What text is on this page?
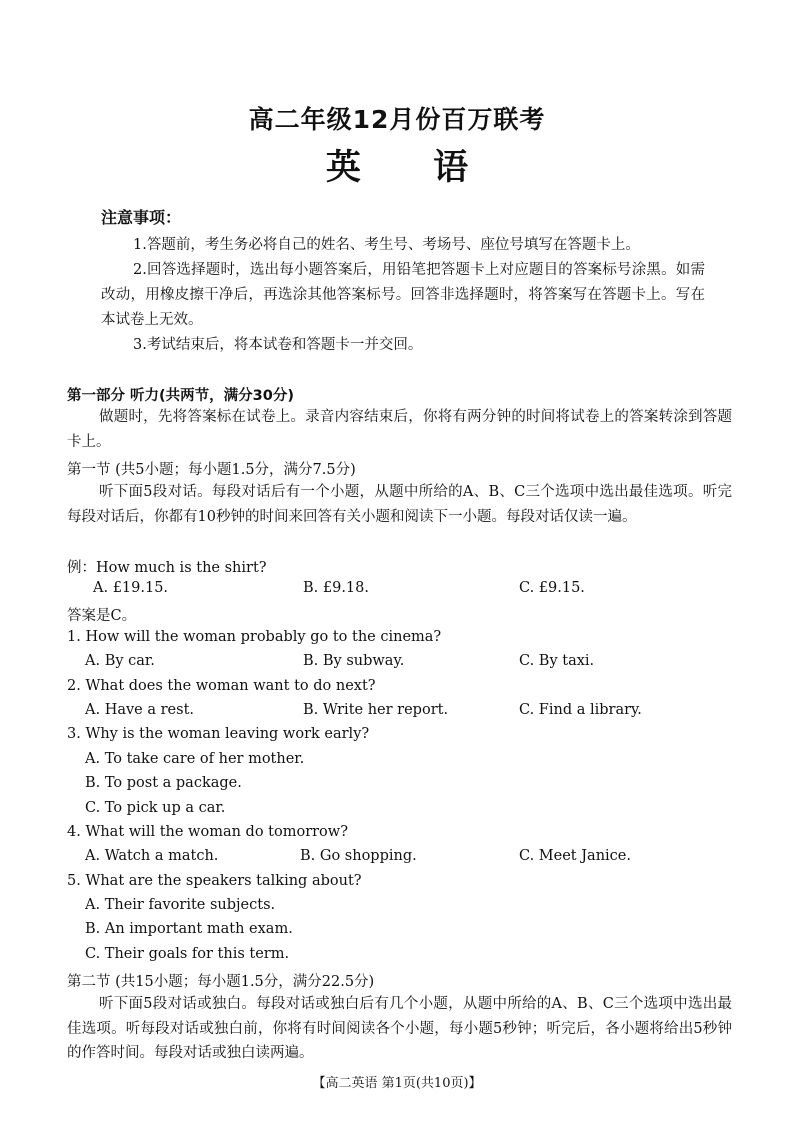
高二年级12月份百万联考
英 语
注意事项：
1.答题前，考生务必将自己的姓名、考生号、考场号、座位号填写在答题卡上。
2.回答选择题时，选出每小题答案后，用铅笔把答题卡上对应题目的答案标号涂黑。如需改动，用橡皮擦干净后，再选涂其他答案标号。回答非选择题时，将答案写在答题卡上。写在本试卷上无效。
3.考试结束后，将本试卷和答题卡一并交回。
第一部分 听力(共两节，满分30分)
做题时，先将答案标在试卷上。录音内容结束后，你将有两分钟的时间将试卷上的答案转涂到答题卡上。
第一节 (共5小题；每小题1.5分，满分7.5分)
听下面5段对话。每段对话后有一个小题，从题中所给的A、B、C三个选项中选出最佳选项。听完每段对话后，你都有10秒钟的时间来回答有关小题和阅读下一小题。每段对话仅读一遍。
例：How much is the shirt?
A. £19.15.	B. £9.18.	C. £9.15.
答案是C。
1. How will the woman probably go to the cinema?
A. By car.	B. By subway.	C. By taxi.
2. What does the woman want to do next?
A. Have a rest.	B. Write her report.	C. Find a library.
3. Why is the woman leaving work early?
A. To take care of her mother.
B. To post a package.
C. To pick up a car.
4. What will the woman do tomorrow?
A. Watch a match.	B. Go shopping.	C. Meet Janice.
5. What are the speakers talking about?
A. Their favorite subjects.
B. An important math exam.
C. Their goals for this term.
第二节 (共15小题；每小题1.5分，满分22.5分)
听下面5段对话或独白。每段对话或独白后有几个小题，从题中所给的A、B、C三个选项中选出最佳选项。听每段对话或独白前，你将有时间阅读各个小题，每小题5秒钟；听完后，各小题将给出5秒钟的作答时间。每段对话或独白读两遍。
【高二英语 第1页(共10页)】
